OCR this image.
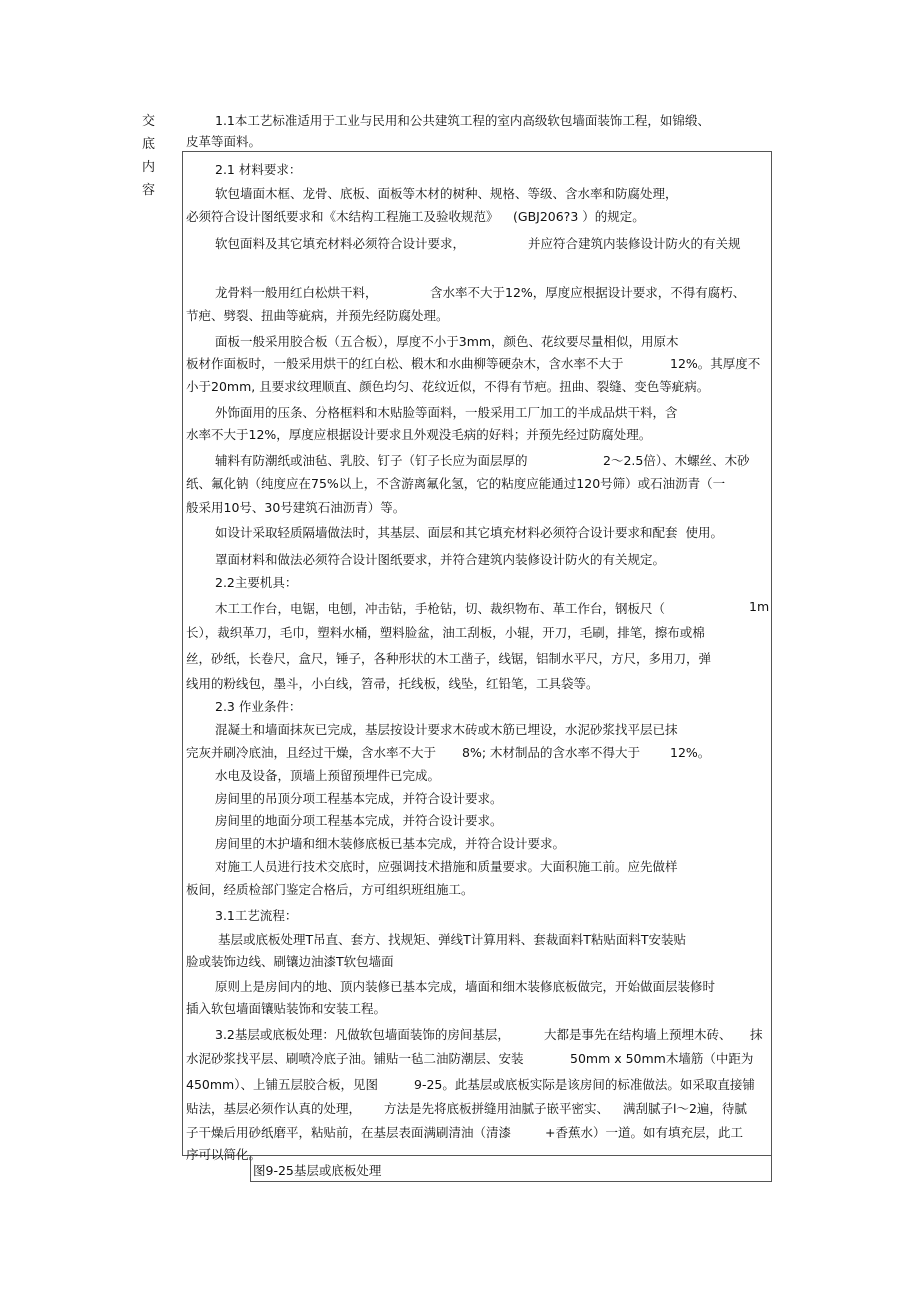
交
底
内
容
1.1本工艺标准适用于工业与民用和公共建筑工程的室内高级软包墙面装饰工程，如锦缎、
皮革等面料。
2.1 材料要求：
软包墙面木框、龙骨、底板、面板等木材的树种、规格、等级、含水率和防腐处理，
必须符合设计图纸要求和《木结构工程施工及验收规范》 (GBJ206?3 ）的规定。
软包面料及其它填充材料必须符合设计要求，	并应符合建筑内装修设计防火的有关规
龙骨料一般用红白松烘干料，	含水率不大于12%，厚度应根据设计要求，不得有腐朽、
节疤、劈裂、扭曲等疵病，并预先经防腐处理。
面板一般采用胶合板（五合板），厚度不小于3mm，颜色、花纹要尽量相似，用原木
板材作面板时，一般采用烘干的红白松、椴木和水曲柳等硬杂木，含水率不大于	12%。其厚度不
小于20mm, 且要求纹理顺直、颜色均匀、花纹近似，不得有节疤。扭曲、裂缝、变色等疵病。
外饰面用的压条、分格框料和木贴脸等面料，一般采用工厂加工的半成品烘干料，含
水率不大于12%，厚度应根据设计要求且外观没毛病的好料；并预先经过防腐处理。
辅料有防潮纸或油毡、乳胶、钉子（钉子长应为面层厚的	2～2.5倍）、木螺丝、木砂
纸、氟化钠（纯度应在75%以上，不含游离氟化氢，它的粘度应能通过120号筛）或石油沥青（一
般采用10号、30号建筑石油沥青）等。
如设计采取轻质隔墙做法时，其基层、面层和其它填充材料必须符合设计要求和配套  使用。
罩面材料和做法必须符合设计图纸要求，并符合建筑内装修设计防火的有关规定。
2.2主要机具：
木工工作台，电锯，电刨，冲击钻，手枪钻，切、裁织物布、革工作台，钢板尺（	1m
长），裁织革刀，毛巾，塑料水桶，塑料脸盆，油工刮板，小辊，开刀，毛刷，排笔，擦布或棉
丝，砂纸，长卷尺，盒尺，锤子，各种形状的木工凿子，线锯，铝制水平尺，方尺，多用刀，弹
线用的粉线包，墨斗，小白线，笤帚，托线板，线坠，红铅笔，工具袋等。
2.3 作业条件：
混凝土和墙面抹灰已完成，基层按设计要求木砖或木筋已埋设，水泥砂浆找平层已抹
完灰并刷冷底油，且经过干燥，含水率不大于 8%; 木材制品的含水率不得大于 12%。
水电及设备，顶墙上预留预埋件已完成。
房间里的吊顶分项工程基本完成，并符合设计要求。
房间里的地面分项工程基本完成，并符合设计要求。
房间里的木护墙和细木装修底板已基本完成，并符合设计要求。
对施工人员进行技术交底时，应强调技术措施和质量要求。大面积施工前。应先做样
板间，经质检部门鉴定合格后，方可组织班组施工。
3.1工艺流程：
基层或底板处理T吊直、套方、找规矩、弹线T计算用料、套裁面料T粘贴面料T安装贴
脸或装饰边线、刷镶边油漆T软包墙面
原则上是房间内的地、顶内装修已基本完成，墙面和细木装修底板做完，开始做面层装修时
插入软包墙面镶贴装饰和安装工程。
3.2基层或底板处理：凡做软包墙面装饰的房间基层，	大都是事先在结构墙上预埋木砖、 抹
水泥砂浆找平层、刷喷冷底子油。铺贴一毡二油防潮层、安装	50mm x 50mm木墙筋（中距为
450mm）、上铺五层胶合板，见图	9-25。此基层或底板实际是该房间的标准做法。如采取直接铺
贴法，基层必须作认真的处理， 方法是先将底板拼缝用油腻子嵌平密实、 满刮腻子l～2遍，待腻
子干燥后用砂纸磨平，粘贴前，在基层表面满刷清油（清漆	+香蕉水）一道。如有填充层，此工
序可以简化。
图9-25基层或底板处理
